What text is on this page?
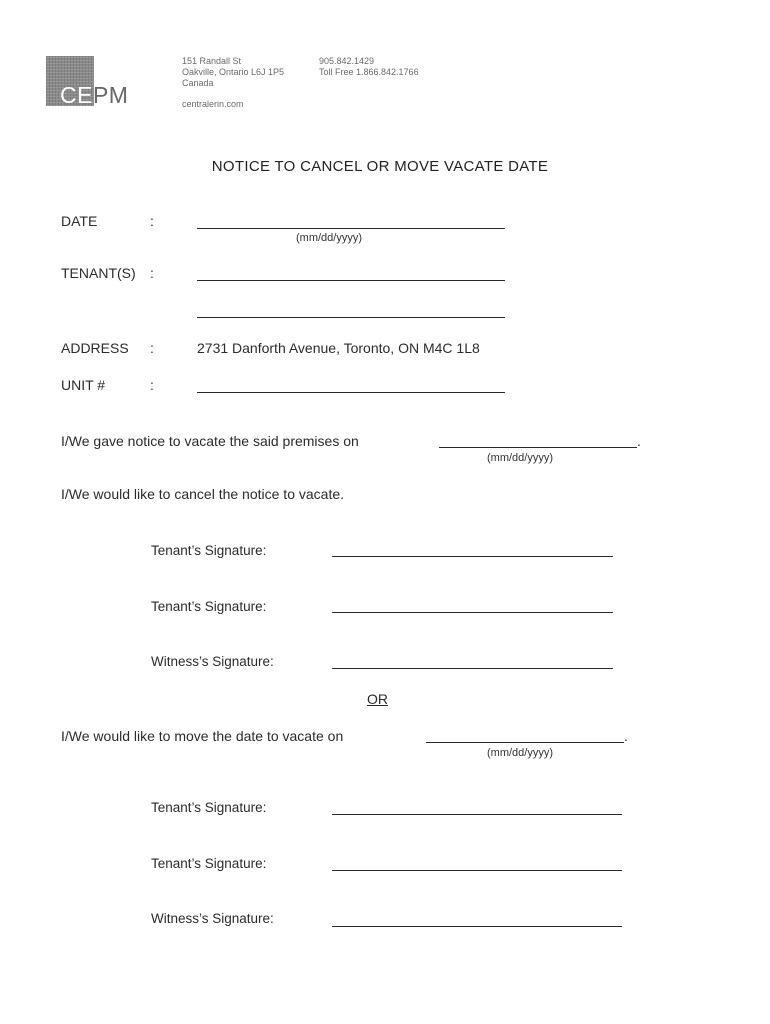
CEPM
151 Randall St
Oakville, Ontario L6J 1P5
Canada
centralerin.com
905.842.1429
Toll Free 1.866.842.1766
NOTICE TO CANCEL OR MOVE VACATE DATE
DATE	:
(mm/dd/yyyy)
TENANT(S) :
ADDRESS :	2731 Danforth Avenue, Toronto, ON M4C 1L8
UNIT #	:
I/We gave notice to vacate the said premises on	.
(mm/dd/yyyy)
I/We would like to cancel the notice to vacate.
Tenant’s Signature:
Tenant’s Signature:
Witness’s Signature:
OR
I/We would like to move the date to vacate on	.
(mm/dd/yyyy)
Tenant’s Signature:
Tenant’s Signature:
Witness’s Signature:
